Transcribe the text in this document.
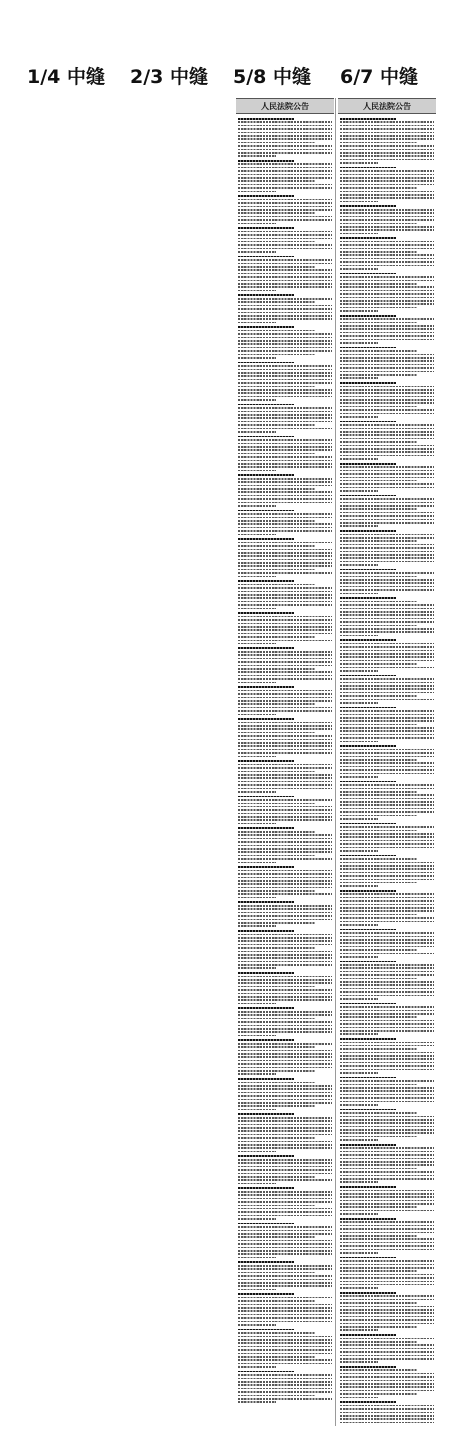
1/4 中缝 2/3 中缝 5/8 中缝 6/7 中缝
人民法院公告	人民法院公告
